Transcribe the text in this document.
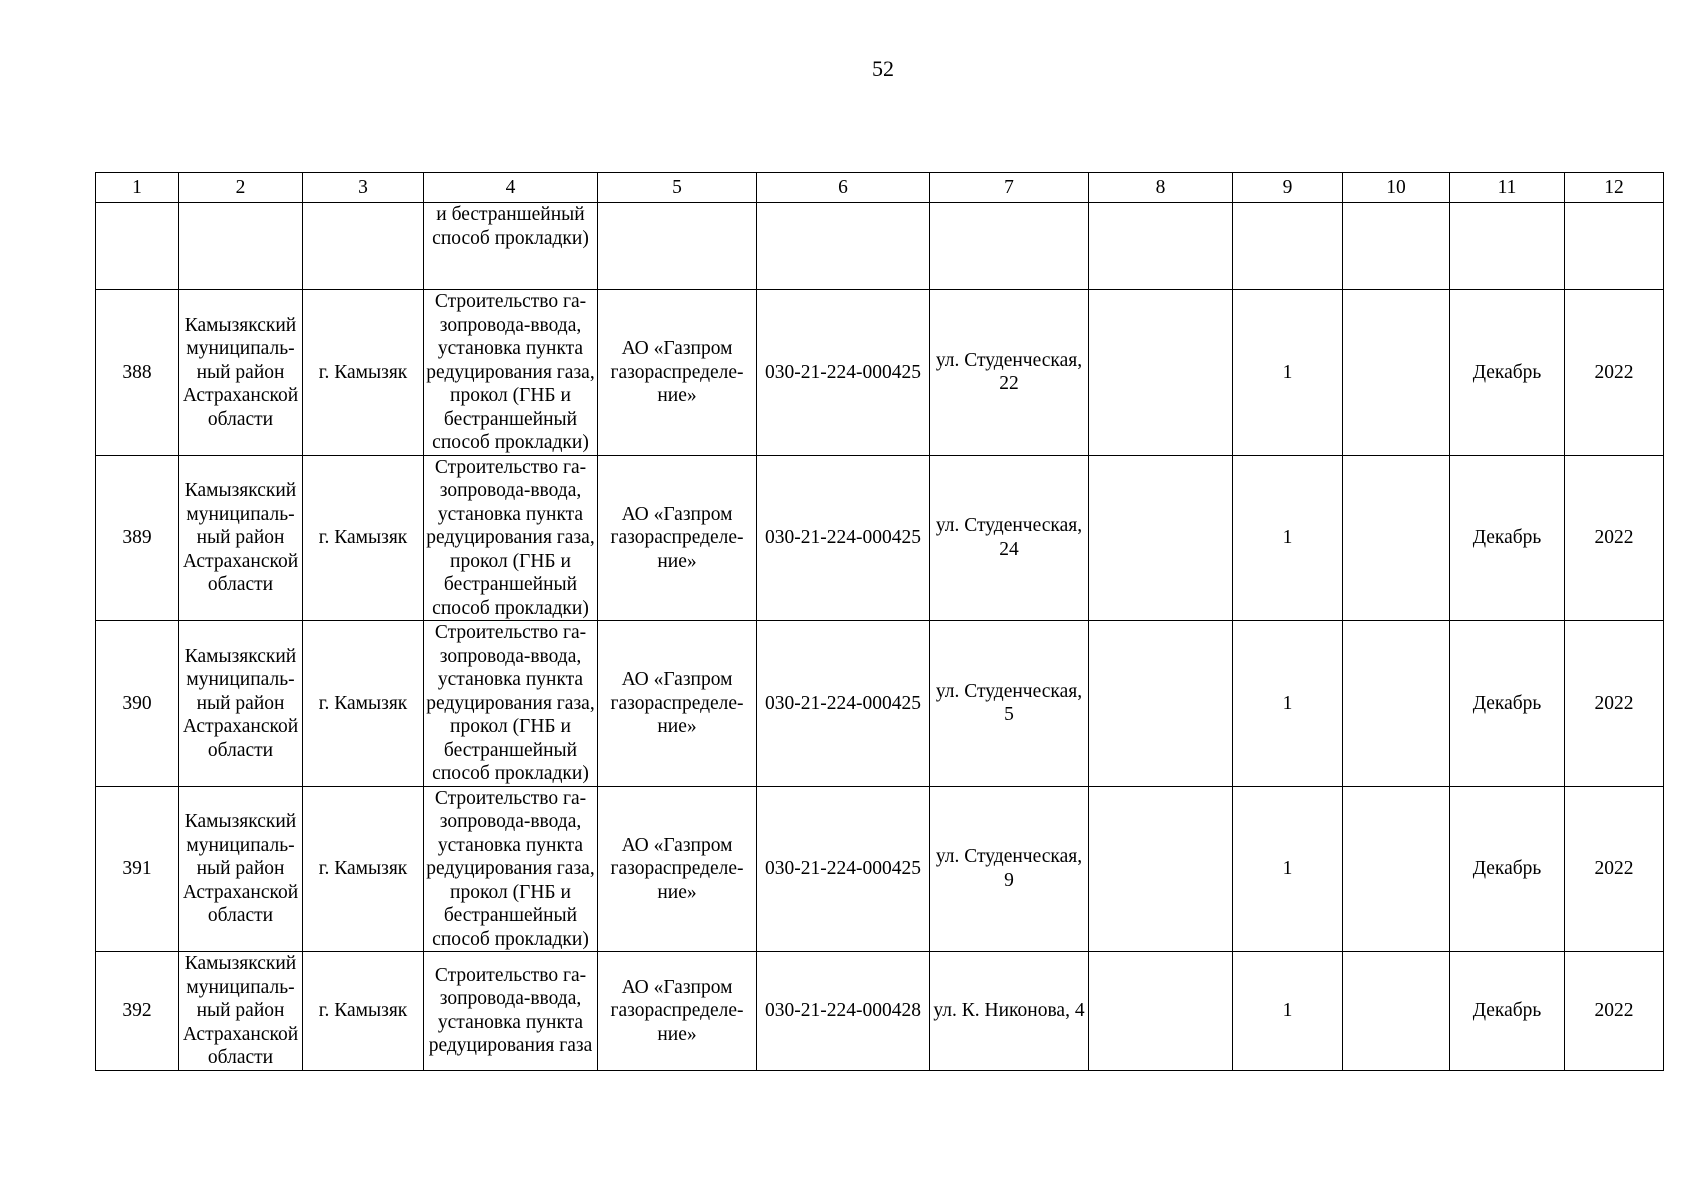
52
1	2	3	4	5	6	7	8	9	10	11	12
			и бестраншейный способ прокладки)								
388	Камызякский муниципаль-ный район Астраханской области	г. Камызяк	Строительство га-зопровода-ввода, установка пункта редуцирования газа, прокол (ГНБ и бестраншейный способ прокладки)	АО «Газпром газораспределе-ние»	030-21-224-000425	ул. Студенческая, 22		1		Декабрь	2022
389	Камызякский муниципаль-ный район Астраханской области	г. Камызяк	Строительство га-зопровода-ввода, установка пункта редуцирования газа, прокол (ГНБ и бестраншейный способ прокладки)	АО «Газпром газораспределе-ние»	030-21-224-000425	ул. Студенческая, 24		1		Декабрь	2022
390	Камызякский муниципаль-ный район Астраханской области	г. Камызяк	Строительство га-зопровода-ввода, установка пункта редуцирования газа, прокол (ГНБ и бестраншейный способ прокладки)	АО «Газпром газораспределе-ние»	030-21-224-000425	ул. Студенческая, 5		1		Декабрь	2022
391	Камызякский муниципаль-ный район Астраханской области	г. Камызяк	Строительство га-зопровода-ввода, установка пункта редуцирования газа, прокол (ГНБ и бестраншейный способ прокладки)	АО «Газпром газораспределе-ние»	030-21-224-000425	ул. Студенческая, 9		1		Декабрь	2022
392	Камызякский муниципаль-ный район Астраханской области	г. Камызяк	Строительство га-зопровода-ввода, установка пункта редуцирования газа	АО «Газпром газораспределе-ние»	030-21-224-000428	ул. К. Никонова, 4		1		Декабрь	2022
